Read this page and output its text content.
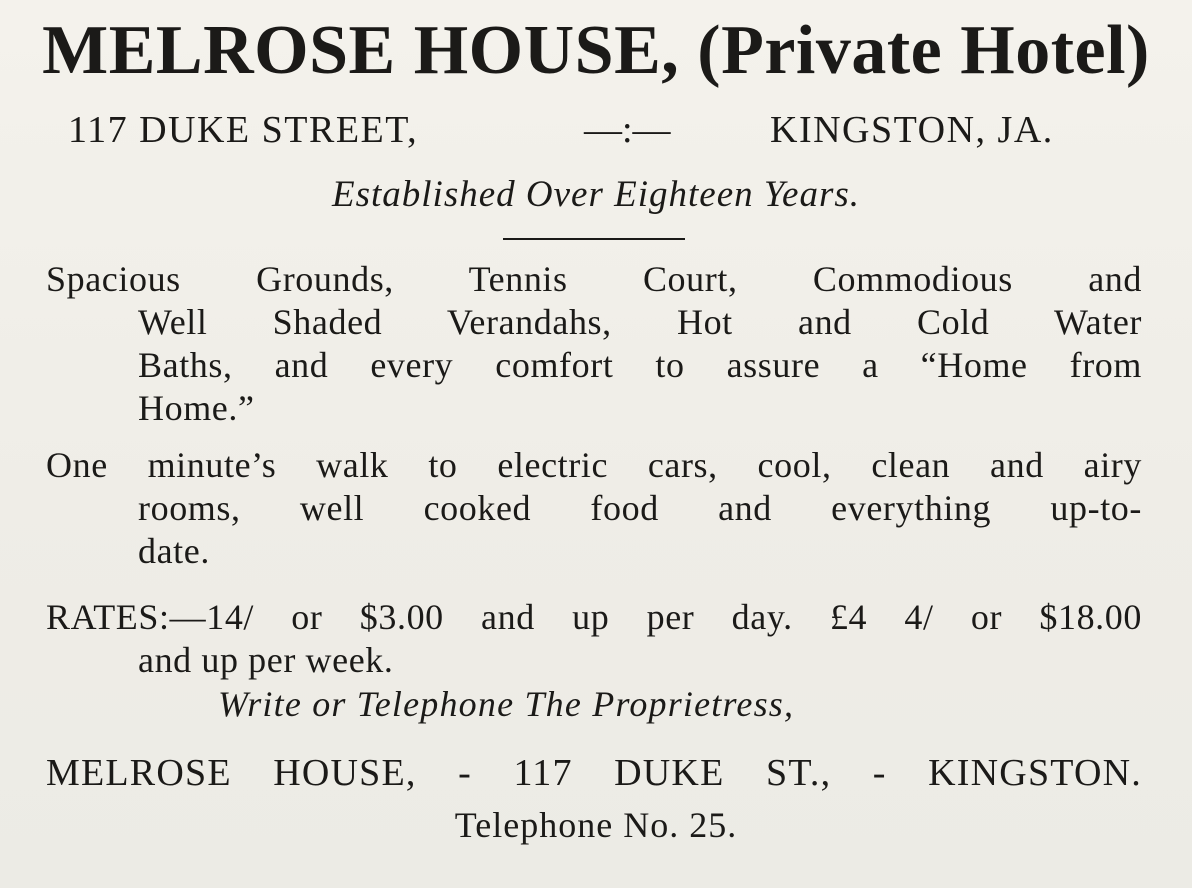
MELROSE HOUSE, (Private Hotel)
117 DUKE STREET,	—:—	KINGSTON, JA.
Established Over Eighteen Years.
Spacious Grounds, Tennis Court, Commodious and
Well Shaded Verandahs, Hot and Cold Water
Baths, and every comfort to assure a “Home from
Home.”
One minute’s walk to electric cars, cool, clean and airy
rooms, well cooked food and everything up-to-
date.
RATES:—14/ or $3.00 and up per day. £4 4/ or $18.00
and up per week.
Write or Telephone The Proprietress,
MELROSE HOUSE, - 117 DUKE ST., - KINGSTON.
Telephone No. 25.
